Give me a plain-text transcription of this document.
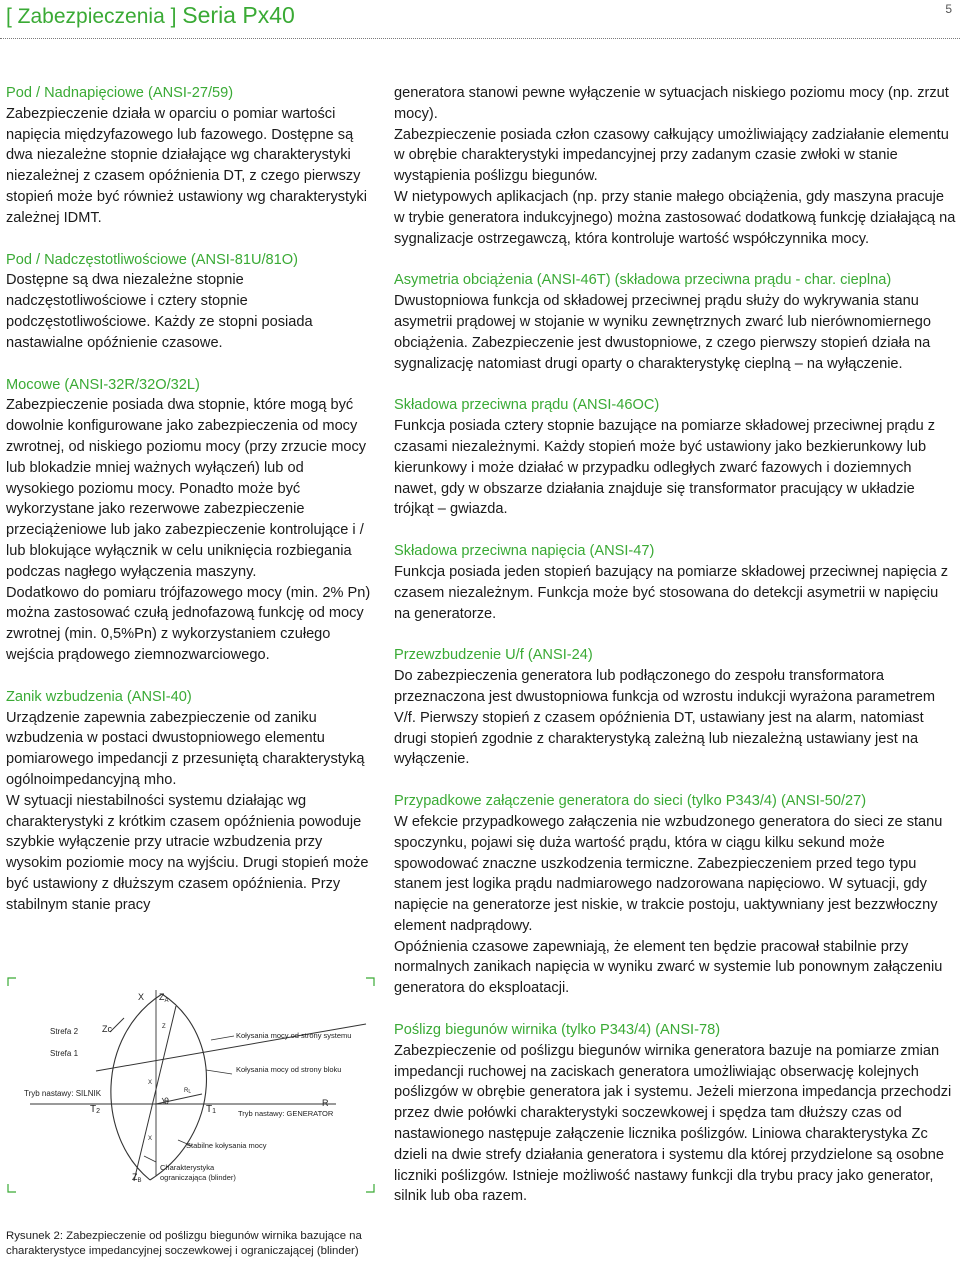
[ Zabezpieczenia ] Seria Px40	5
Pod / Nadnapięciowe (ANSI-27/59)

Zabezpieczenie działa w oparciu o pomiar wartości napięcia międzyfazowego lub fazowego. Dostępne są dwa niezależne stopnie działające wg charakterystyki niezależnej z czasem opóźnienia DT, z czego pierwszy stopień może być również ustawiony wg charakterystyki zależnej IDMT.

Pod / Nadczęstotliwościowe (ANSI-81U/81O)

Dostępne są dwa niezależne stopnie nadczęstotliwościowe i cztery stopnie podczęstotliwościowe. Każdy ze stopni posiada nastawialne opóźnienie czasowe.

Mocowe (ANSI-32R/32O/32L)

Zabezpieczenie posiada dwa stopnie, które mogą być dowolnie konfigurowane jako zabezpieczenia od mocy zwrotnej, od niskiego poziomu mocy (przy zrzucie mocy lub blokadzie mniej ważnych wyłączeń) lub od wysokiego poziomu mocy. Ponadto może być wykorzystane jako rezerwowe zabezpieczenie przeciążeniowe lub jako zabezpieczenie kontrolujące i / lub blokujące wyłącznik w celu uniknięcia rozbiegania podczas nagłego wyłączenia maszyny.

Dodatkowo do pomiaru trójfazowego mocy (min. 2% Pn) można zastosować czułą jednofazową funkcję od mocy zwrotnej (min. 0,5%Pn) z wykorzystaniem czułego wejścia prądowego ziemnozwarciowego.

Zanik wzbudzenia (ANSI-40)

Urządzenie zapewnia zabezpieczenie od zaniku wzbudzenia w postaci dwustopniowego elementu pomiarowego impedancji z przesuniętą charakterystyką ogólnoimpedancyjną mho.

W sytuacji niestabilności systemu działając wg charakterystyki z krótkim czasem opóźnienia powoduje szybkie wyłączenie przy utracie wzbudzenia przy wysokim poziomie mocy na wyjściu. Drugi stopień może być ustawiony z dłuższym czasem opóźnienia. Przy stabilnym stanie pracy

generatora stanowi pewne wyłączenie w sytuacjach niskiego poziomu mocy (np. zrzut mocy).

Zabezpieczenie posiada człon czasowy całkujący umożliwiający zadziałanie elementu w obrębie charakterystyki impedancyjnej przy zadanym czasie zwłoki w stanie wystąpienia poślizgu biegunów.

W nietypowych aplikacjach (np. przy stanie małego obciążenia, gdy maszyna pracuje w trybie generatora indukcyjnego) można zastosować dodatkową funkcję działającą na sygnalizacje ostrzegawczą, która kontroluje wartość współczynnika mocy.

Asymetria obciążenia (ANSI-46T) (składowa przeciwna prądu - char. cieplna)

Dwustopniowa funkcja od składowej przeciwnej prądu służy do wykrywania stanu asymetrii prądowej w stojanie w wyniku zewnętrznych zwarć lub nierównomiernego obciążenia. Zabezpieczenie jest dwustopniowe, z czego pierwszy stopień działa na sygnalizację natomiast drugi oparty o charakterystykę cieplną – na wyłączenie.

Składowa przeciwna prądu (ANSI-46OC)

Funkcja posiada cztery stopnie bazujące na pomiarze składowej przeciwnej prądu z czasami niezależnymi. Każdy stopień może być ustawiony jako bezkierunkowy lub kierunkowy i może działać w przypadku odległych zwarć fazowych i doziemnych nawet, gdy w obszarze działania znajduje się transformator pracujący w układzie trójkąt – gwiazda.

Składowa przeciwna napięcia (ANSI-47)

Funkcja posiada jeden stopień bazujący na pomiarze składowej przeciwnej napięcia z czasem niezależnym. Funkcja może być stosowana do detekcji asymetrii w napięciu na generatorze.

Przewzbudzenie U/f (ANSI-24)

Do zabezpieczenia generatora lub podłączonego do zespołu transformatora przeznaczona jest dwustopniowa funkcja od wzrostu indukcji wyrażona parametrem V/f. Pierwszy stopień z czasem opóźnienia DT, ustawiany jest na alarm, natomiast drugi stopień zgodnie z charakterystyką zależną lub niezależną ustawiany jest na wyłączenie.

Przypadkowe załączenie generatora do sieci (tylko P343/4) (ANSI-50/27)

W efekcie przypadkowego załączenia nie wzbudzonego generatora do sieci ze stanu spoczynku, pojawi się duża wartość prądu, która w ciągu kilku sekund może spowodować znaczne uszkodzenia termiczne. Zabezpieczeniem przed tego typu stanem jest logika prądu nadmiarowego nadzorowana napięciowo. W sytuacji, gdy napięcie na generatorze jest niskie, w trakcie postoju, uaktywniany jest bezzwłoczny element nadprądowy.

Opóźnienia czasowe zapewniają, że element ten będzie pracował stabilnie przy normalnych zanikach napięcia w wyniku zwarć w systemie lub ponownym załączeniu generatora do eksploatacji.

Poślizg biegunów wirnika (tylko P343/4) (ANSI-78)

Zabezpieczenie od poślizgu biegunów wirnika generatora bazuje na pomiarze zmian impedancji ruchowej na zaciskach generatora umożliwiając obserwację kolejnych poślizgów w obrębie generatora jak i systemu. Jeżeli mierzona impedancja przechodzi przez dwie połówki charakterystyki soczewkowej i spędza tam dłuższy czas od nastawionego następuje załączenie licznika poślizgów. Liniowa charakterystyka Zc dzieli na dwie strefy działania generatora i systemu dla której przydzielone są osobne liczniki poślizgów. Istnieje możliwość nastawy funkcji dla trybu pracy jako generator, silnik lub oba razem.

X $Z_A$
Z
Strefa 2	Zc
Strefa 1
Kołysania mocy od strony systemu
Kołysania mocy od strony bloku
Tryb nastawy: SILNIK
X
RL
θ	R
T2	T1	Tryb nastawy: GENERATOR
X
Stabilne kołysania mocy
$Z_B$
Charakterystyka
ograniczająca (blinder)
Rysunek 2: Zabezpieczenie od poślizgu biegunów wirnika bazujące na charakterystyce impedancyjnej soczewkowej i ograniczającej (blinder)
